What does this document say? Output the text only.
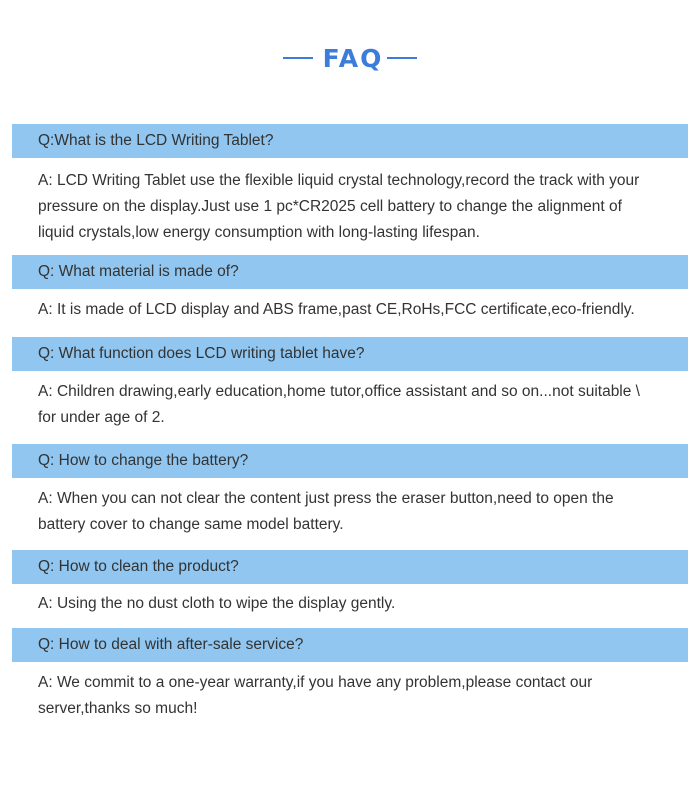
FAQ
Q:What is the LCD Writing Tablet?
A: LCD Writing Tablet use the flexible liquid crystal technology,record the track with your
pressure on the display.Just use 1 pc*CR2025 cell battery to change the alignment of
liquid crystals,low energy consumption with long-lasting lifespan.
Q: What material is made of?
A: It is made of LCD display and ABS frame,past CE,RoHs,FCC certificate,eco-friendly.
Q: What function does LCD writing tablet have?
A: Children drawing,early education,home tutor,office assistant and so on...not suitable \
for under age of 2.
Q: How to change the battery?
A: When you can not clear the content just press the eraser button,need to open the
battery cover to change same model battery.
Q: How to clean the product?
A: Using the no dust cloth to wipe the display gently.
Q: How to deal with after-sale service?
A: We commit to a one-year warranty,if you have any problem,please contact our
server,thanks so much!
